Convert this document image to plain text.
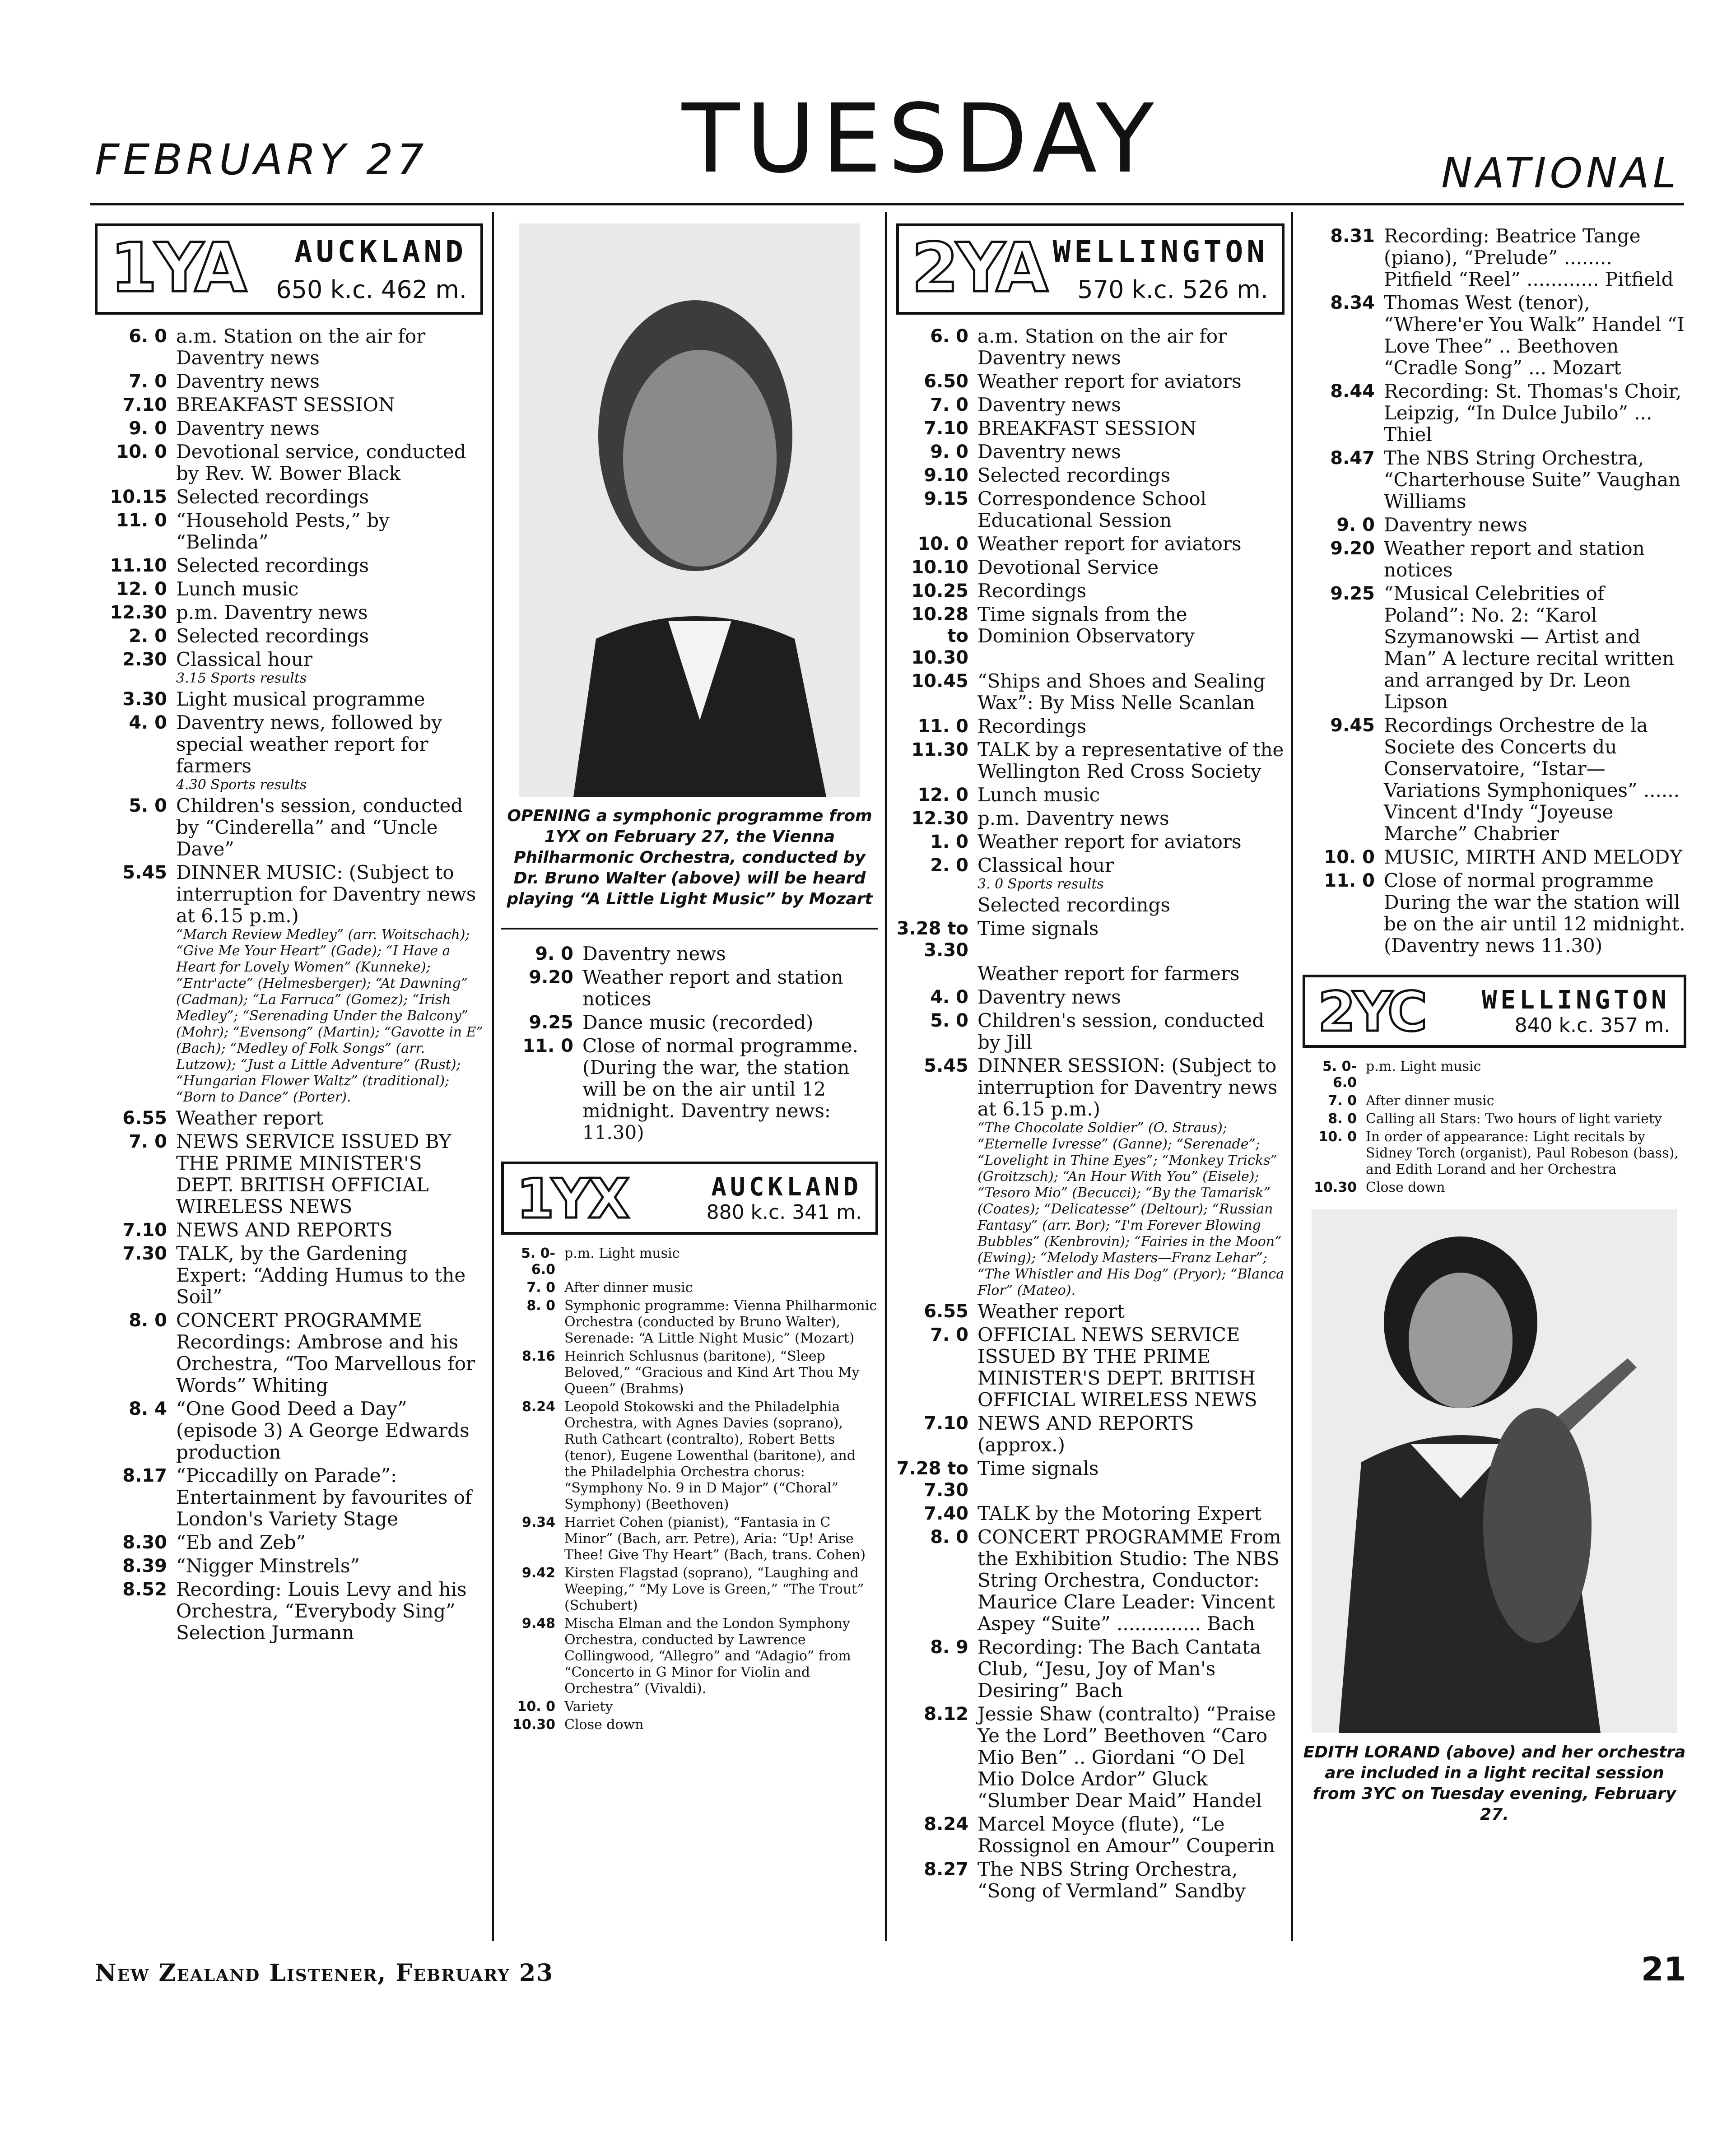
FEBRUARY 27	TUESDAY	NATIONAL
1YA AUCKLAND
650 k.c. 462 m.
6. 0 a.m. Station on the air for Daventry news
7. 0 Daventry news
7.10 BREAKFAST SESSION
9. 0 Daventry news
10. 0 Devotional service, conducted by Rev. W. Bower Black
10.15 Selected recordings
11. 0 “Household Pests,” by “Belinda”
11.10 Selected recordings
12. 0 Lunch music
12.30 p.m. Daventry news
2. 0 Selected recordings
2.30 Classical hour
3.15 Sports results
3.30 Light musical programme
4. 0 Daventry news, followed by special weather report for farmers
4.30 Sports results
5. 0 Children's session, conducted by “Cinderella” and “Uncle Dave”
5.45 DINNER MUSIC: (Subject to interruption for Daventry news at 6.15 p.m.)
“March Review Medley” (arr. Woitschach); “Give Me Your Heart” (Gade); “I Have a Heart for Lovely Women” (Kunneke); “Entr'acte” (Helmesberger); “At Dawning” (Cadman); “La Farruca” (Gomez); “Irish Medley”; “Serenading Under the Balcony” (Mohr); “Evensong” (Martin); “Gavotte in E” (Bach); “Medley of Folk Songs” (arr. Lutzow); “Just a Little Adventure” (Rust); “Hungarian Flower Waltz” (traditional); “Born to Dance” (Porter).
6.55 Weather report
7. 0 NEWS SERVICE ISSUED BY THE PRIME MINISTER'S DEPT. BRITISH OFFICIAL WIRELESS NEWS
7.10 NEWS AND REPORTS
7.30 TALK, by the Gardening Expert: “Adding Humus to the Soil”
8. 0 CONCERT PROGRAMME Recordings: Ambrose and his Orchestra, “Too Marvellous for Words” Whiting
8. 4 “One Good Deed a Day” (episode 3) A George Edwards production
8.17 “Piccadilly on Parade”: Entertainment by favourites of London's Variety Stage
8.30 “Eb and Zeb”
8.39 “Nigger Minstrels”
8.52 Recording: Louis Levy and his Orchestra, “Everybody Sing” Selection Jurmann
OPENING a symphonic programme from 1YX on February 27, the Vienna Philharmonic Orchestra, conducted by Dr. Bruno Walter (above) will be heard playing “A Little Light Music” by Mozart
9. 0 Daventry news
9.20 Weather report and station notices
9.25 Dance music (recorded)
11. 0 Close of normal programme. (During the war, the station will be on the air until 12 midnight. Daventry news: 11.30)
1YX	AUCKLAND
880 k.c. 341 m.
5. 0-6.0
p.m. Light music
7. 0 After dinner music
8. 0 Symphonic programme: Vienna Philharmonic Orchestra (conducted by Bruno Walter), Serenade: “A Little Night Music” (Mozart)
8.16 Heinrich Schlusnus (baritone), “Sleep Beloved,” “Gracious and Kind Art Thou My Queen” (Brahms)
8.24 Leopold Stokowski and the Philadelphia Orchestra, with Agnes Davies (soprano), Ruth Cathcart (contralto), Robert Betts (tenor), Eugene Lowenthal (baritone), and the Philadelphia Orchestra chorus: “Symphony No. 9 in D Major” (“Choral” Symphony) (Beethoven)
9.34 Harriet Cohen (pianist), “Fantasia in C Minor” (Bach, arr. Petre), Aria: “Up! Arise Thee! Give Thy Heart” (Bach, trans. Cohen)
9.42 Kirsten Flagstad (soprano), “Laughing and Weeping,” “My Love is Green,” “The Trout” (Schubert)
9.48 Mischa Elman and the London Symphony Orchestra, conducted by Lawrence Collingwood, “Allegro” and “Adagio” from “Concerto in G Minor for Violin and Orchestra” (Vivaldi).
10. 0 Variety
10.30 Close down
2YA WELLINGTON
570 k.c. 526 m.
6. 0 a.m. Station on the air for Daventry news
6.50 Weather report for aviators
7. 0 Daventry news
7.10 BREAKFAST SESSION
9. 0 Daventry news
9.10 Selected recordings
9.15 Correspondence School Educational Session
10. 0 Weather report for aviators
10.10 Devotional Service
10.25 Recordings
10.28 to 10.30
Time signals from the Dominion Observatory
10.45 “Ships and Shoes and Sealing Wax”: By Miss Nelle Scanlan
11. 0 Recordings
11.30 TALK by a representative of the Wellington Red Cross Society
12. 0 Lunch music
12.30 p.m. Daventry news
1. 0 Weather report for aviators
2. 0 Classical hour
3. 0 Sports results
Selected recordings
3.28 to 3.30
Time signals
Weather report for farmers
4. 0 Daventry news
5. 0 Children's session, conducted by Jill
5.45 DINNER SESSION: (Subject to interruption for Daventry news at 6.15 p.m.)
“The Chocolate Soldier” (O. Straus); “Eternelle Ivresse” (Ganne); “Serenade”; “Lovelight in Thine Eyes”; “Monkey Tricks” (Groitzsch); “An Hour With You” (Eisele); “Tesoro Mio” (Becucci); “By the Tamarisk” (Coates); “Delicatesse” (Deltour); “Russian Fantasy” (arr. Bor); “I'm Forever Blowing Bubbles” (Kenbrovin); “Fairies in the Moon” (Ewing); “Melody Masters—Franz Lehar”; “The Whistler and His Dog” (Pryor); “Blanca Flor” (Mateo).
6.55 Weather report
7. 0 OFFICIAL NEWS SERVICE ISSUED BY THE PRIME MINISTER'S DEPT. BRITISH OFFICIAL WIRELESS NEWS
7.10 NEWS AND REPORTS (approx.)
7.28 to 7.30
Time signals
7.40 TALK by the Motoring Expert
8. 0 CONCERT PROGRAMME From the Exhibition Studio: The NBS String Orchestra, Conductor: Maurice Clare Leader: Vincent Aspey “Suite” .............. Bach
8. 9 Recording: The Bach Cantata Club, “Jesu, Joy of Man's Desiring” Bach
8.12 Jessie Shaw (contralto) “Praise Ye the Lord” Beethoven “Caro Mio Ben” .. Giordani “O Del Mio Dolce Ardor” Gluck “Slumber Dear Maid” Handel
8.24 Marcel Moyce (flute), “Le Rossignol en Amour” Couperin
8.27 The NBS String Orchestra, “Song of Vermland” Sandby
8.31 Recording: Beatrice Tange (piano), “Prelude” ........ Pitfield “Reel” ............ Pitfield
8.34 Thomas West (tenor), “Where'er You Walk” Handel “I Love Thee” .. Beethoven “Cradle Song” ... Mozart
8.44 Recording: St. Thomas's Choir, Leipzig, “In Dulce Jubilo” ... Thiel
8.47 The NBS String Orchestra, “Charterhouse Suite” Vaughan Williams
9. 0 Daventry news
9.20 Weather report and station notices
9.25 “Musical Celebrities of Poland”: No. 2: “Karol Szymanowski — Artist and Man” A lecture recital written and arranged by Dr. Leon Lipson
9.45 Recordings Orchestre de la Societe des Concerts du Conservatoire, “Istar—Variations Symphoniques” ...... Vincent d'Indy “Joyeuse Marche” Chabrier
10. 0 MUSIC, MIRTH AND MELODY
11. 0 Close of normal programme During the war the station will be on the air until 12 midnight. (Daventry news 11.30)
2YC WELLINGTON
840 k.c. 357 m.
5. 0-6.0
p.m. Light music
7. 0 After dinner music
8. 0 Calling all Stars: Two hours of light variety
10. 0 In order of appearance: Light recitals by Sidney Torch (organist), Paul Robeson (bass), and Edith Lorand and her Orchestra
10.30 Close down
EDITH LORAND (above) and her orchestra are included in a light recital session from 3YC on Tuesday evening, February 27.
New Zealand Listener, February 23	21
